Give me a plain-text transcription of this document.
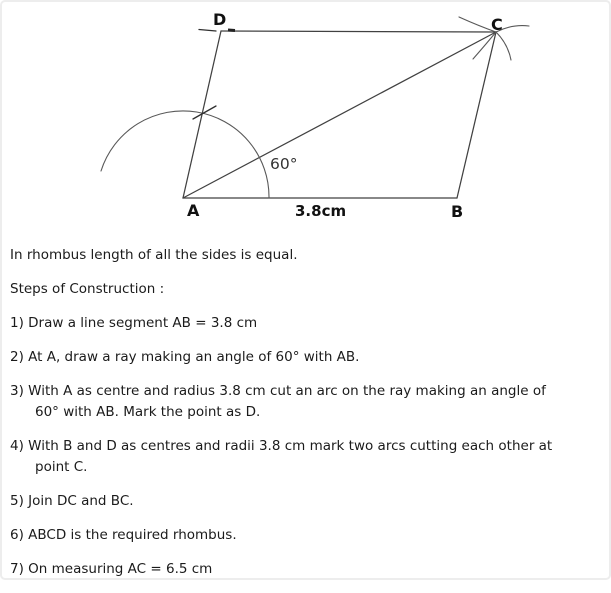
A	B
C
D
3.8cm
60°

In rhombus length of all the sides is equal.

Steps of Construction :

1) Draw a line segment AB = 3.8 cm
2) At A, draw a ray making an angle of 60° with AB.
3) With A as centre and radius 3.8 cm cut an arc on the ray making an angle of
60° with AB. Mark the point as D.
4) With B and D as centres and radii 3.8 cm mark two arcs cutting each other at
point C.
5) Join DC and BC.
6) ABCD is the required rhombus.
7) On measuring AC = 6.5 cm
